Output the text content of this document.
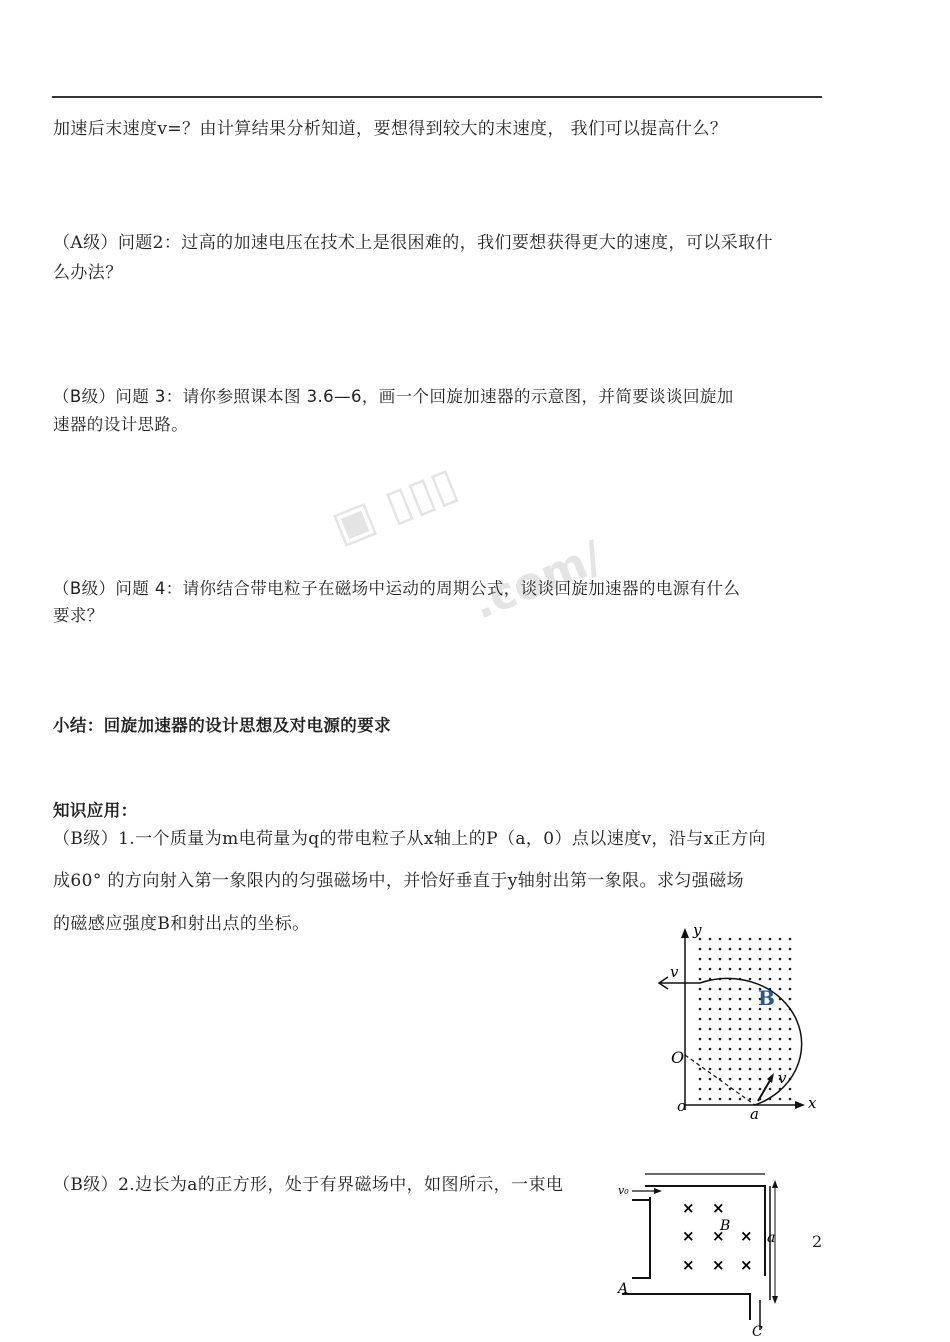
加速后末速度v=？由计算结果分析知道，要想得到较大的末速度， 我们可以提高什么？
（A级）问题2：过高的加速电压在技术上是很困难的，我们要想获得更大的速度，可以采取什
么办法？
（B级）问题 3：请你参照课本图 3.6—6，画一个回旋加速器的示意图，并简要谈谈回旋加
速器的设计思路。
▣ ▯▯▯
.com/
（B级）问题 4：请你结合带电粒子在磁场中运动的周期公式，谈谈回旋加速器的电源有什么
要求？
小结：回旋加速器的设计思想及对电源的要求
知识应用：
（B级）1.一个质量为m电荷量为q的带电粒子从x轴上的P（a，0）点以速度v，沿与x正方向
成60° 的方向射入第一象限内的匀强磁场中，并恰好垂直于y轴射出第一象限。求匀强磁场
的磁感应强度B和射出点的坐标。
（B级）2.边长为a的正方形，处于有界磁场中，如图所示，一束电
y
x
v
B
O
o	a
v
× ×
× × ×
× × ×
v₀
B
a
A
C
2
